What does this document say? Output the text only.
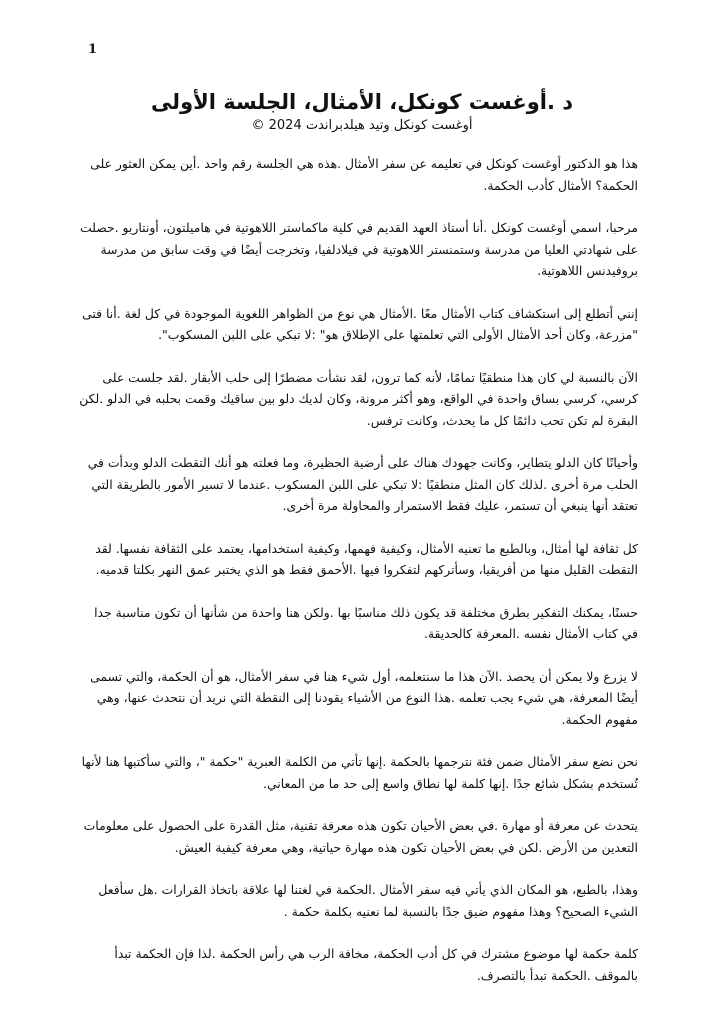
1
د .أوغست كونكل، الأمثال، الجلسة الأولى
أوغست كونكل وتيد هيلدبراندت 2024 ©

هذا هو الدكتور أوغست كونكل في تعليمه عن سفر الأمثال .هذه هي الجلسة رقم واحد .أين يمكن العثور على الحكمة؟ الأمثال كأدب الحكمة.

مرحبا، اسمي أوغست كونكل .أنا أستاذ العهد القديم في كلية ماكماستر اللاهوتية في هاميلتون، أونتاريو .حصلت على شهادتي العليا من مدرسة وستمنستر اللاهوتية في فيلادلفيا، وتخرجت أيضًا في وقت سابق من مدرسة بروفيدنس اللاهوتية.

إنني أتطلع إلى استكشاف كتاب الأمثال معًا .الأمثال هي نوع من الظواهر اللغوية الموجودة في كل لغة .أنا فتى "مزرعة، وكان أحد الأمثال الأولى التي تعلمتها على الإطلاق هو" :لا تبكي على اللبن المسكوب".

الآن بالنسبة لي كان هذا منطقيًا تمامًا، لأنه كما ترون، لقد نشأت مضطرًا إلى حلب الأبقار .لقد جلست على كرسي، كرسي بساق واحدة في الواقع، وهو أكثر مرونة، وكان لديك دلو بين ساقيك وقمت بحلبه في الدلو .لكن البقرة لم تكن تحب دائمًا كل ما يحدث، وكانت ترفس.

وأحيانًا كان الدلو يتطاير، وكانت جهودك هناك على أرضية الحظيرة، وما فعلته هو أنك التقطت الدلو وبدأت في الحلب مرة أخرى .لذلك كان المثل منطقيًا :لا تبكي على اللبن المسكوب .عندما لا تسير الأمور بالطريقة التي تعتقد أنها ينبغي أن تستمر، عليك فقط الاستمرار والمحاولة مرة أخرى.

كل ثقافة لها أمثال، وبالطبع ما تعنيه الأمثال، وكيفية فهمها، وكيفية استخدامها، يعتمد على الثقافة نفسها. لقد التقطت القليل منها من أفريقيا، وسأتركهم لتفكروا فيها .الأحمق فقط هو الذي يختبر عمق النهر بكلتا قدميه.

حسنًا، يمكنك التفكير بطرق مختلفة قد يكون ذلك مناسبًا بها .ولكن هنا واحدة من شأنها أن تكون مناسبة جدا في كتاب الأمثال نفسه .المعرفة كالحديقة.

لا يزرع ولا يمكن أن يحصد .الآن هذا ما سنتعلمه، أول شيء هنا في سفر الأمثال، هو أن الحكمة، والتي تسمى أيضًا المعرفة، هي شيء يجب تعلمه .هذا النوع من الأشياء يقودنا إلى النقطة التي نريد أن نتحدث عنها، وهي مفهوم الحكمة.

نحن نضع سفر الأمثال ضمن فئة نترجمها بالحكمة .إنها تأتي من الكلمة العبرية "حكمة "، والتي سأكتبها هنا لأنها تُستخدم بشكل شائع جدًا .إنها كلمة لها نطاق واسع إلى حد ما من المعاني.

يتحدث عن معرفة أو مهارة .في بعض الأحيان تكون هذه معرفة تقنية، مثل القدرة على الحصول على معلومات التعدين من الأرض .لكن في بعض الأحيان تكون هذه مهارة حياتية، وهي معرفة كيفية العيش.

وهذا، بالطبع، هو المكان الذي يأتي فيه سفر الأمثال .الحكمة في لغتنا لها علاقة باتخاذ القرارات .هل سأفعل الشيء الصحيح؟ وهذا مفهوم ضيق جدًا بالنسبة لما نعنيه بكلمة حكمة .

كلمة حكمة لها موضوع مشترك في كل أدب الحكمة، مخافة الرب هي رأس الحكمة .لذا فإن الحكمة تبدأ بالموقف .الحكمة تبدأ بالتصرف.
